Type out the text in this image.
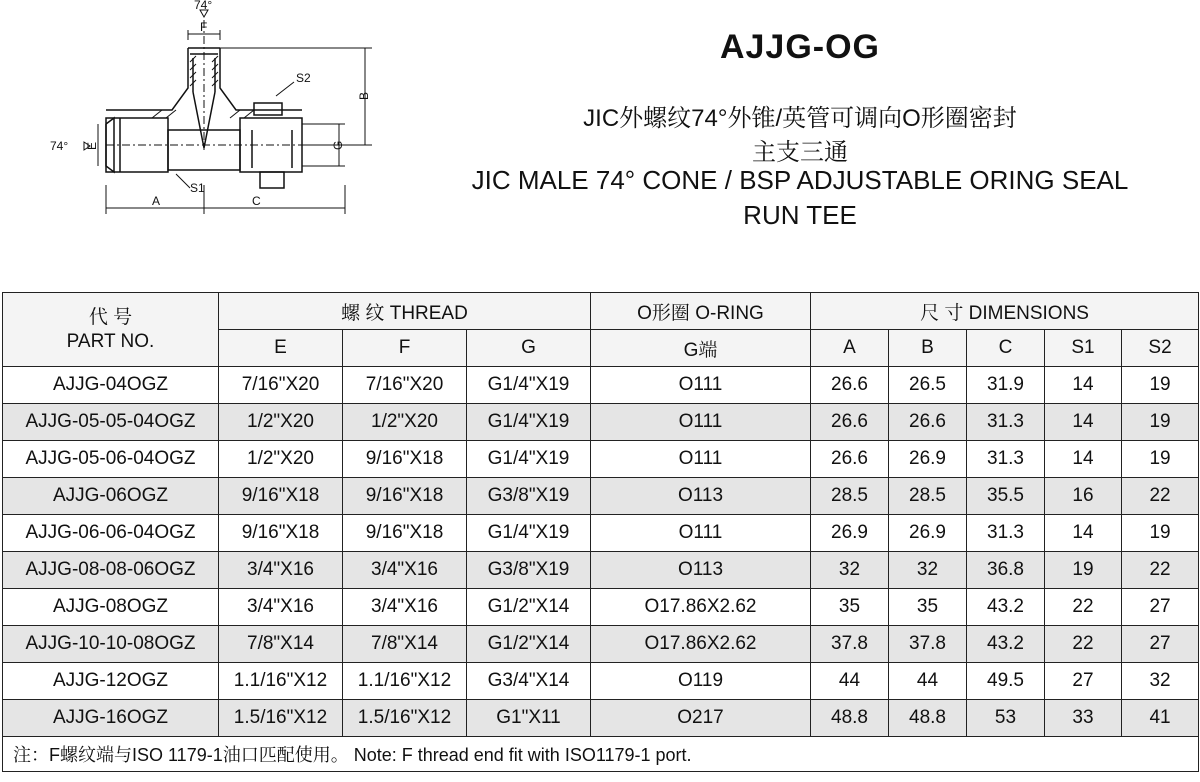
74°
74°
F
S2
B
E	G
S1
A	C
AJJG-OG
JIC外螺纹74°外锥/英管可调向O形圈密封
主支三通
JIC MALE 74° CONE / BSP ADJUSTABLE ORING SEAL
RUN TEE
代 号
PART NO.	螺 纹 THREAD			O形圈 O-RING	尺 寸 DIMENSIONS				
	E	F	G	G端	A	B	C	S1	S2
AJJG-04OGZ	7/16"X20	7/16"X20	G1/4"X19	O111	26.6	26.5	31.9	14	19
AJJG-05-05-04OGZ	1/2"X20	1/2"X20	G1/4"X19	O111	26.6	26.6	31.3	14	19
AJJG-05-06-04OGZ	1/2"X20	9/16"X18	G1/4"X19	O111	26.6	26.9	31.3	14	19
AJJG-06OGZ	9/16"X18	9/16"X18	G3/8"X19	O113	28.5	28.5	35.5	16	22
AJJG-06-06-04OGZ	9/16"X18	9/16"X18	G1/4"X19	O111	26.9	26.9	31.3	14	19
AJJG-08-08-06OGZ	3/4"X16	3/4"X16	G3/8"X19	O113	32	32	36.8	19	22
AJJG-08OGZ	3/4"X16	3/4"X16	G1/2"X14	O17.86X2.62	35	35	43.2	22	27
AJJG-10-10-08OGZ	7/8"X14	7/8"X14	G1/2"X14	O17.86X2.62	37.8	37.8	43.2	22	27
AJJG-12OGZ	1.1/16"X12	1.1/16"X12	G3/4"X14	O119	44	44	49.5	27	32
AJJG-16OGZ	1.5/16"X12	1.5/16"X12	G1"X11	O217	48.8	48.8	53	33	41
注：F螺纹端与ISO 1179-1油口匹配使用。 Note: F thread end fit with ISO1179-1 port.									
